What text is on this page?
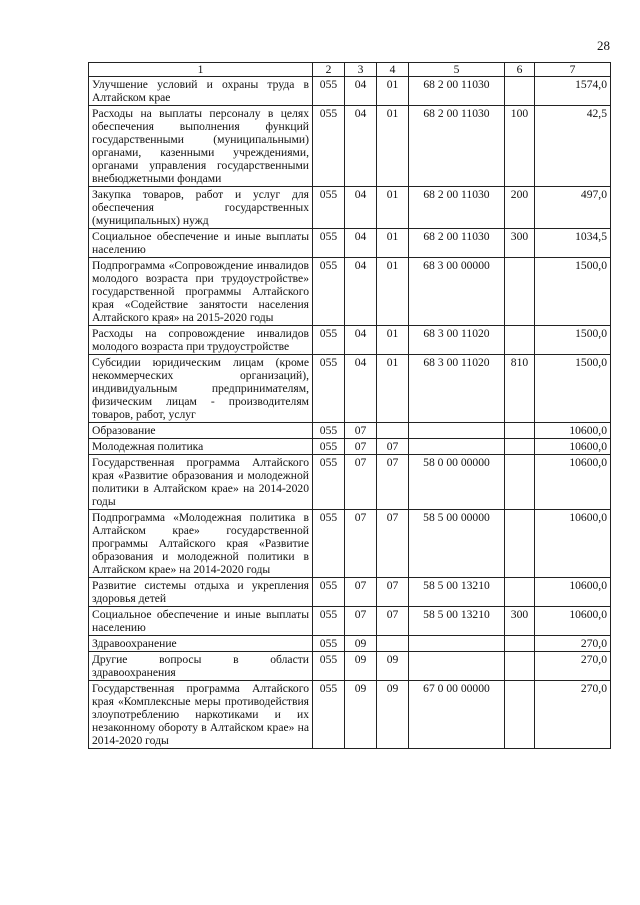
28
1	2	3	4	5	6	7
Улучшение условий и охраны труда в Алтайском крае	055	04	01	68 2 00 11030		1574,0
Расходы на выплаты персоналу в целях обеспечения выполнения функций государственными (муниципальными) органами, казенными учреждениями, органами управления государственными внебюджетными фондами	055	04	01	68 2 00 11030	100	42,5
Закупка товаров, работ и услуг для обеспечения государственных (муниципальных) нужд	055	04	01	68 2 00 11030	200	497,0
Социальное обеспечение и иные выплаты населению	055	04	01	68 2 00 11030	300	1034,5
Подпрограмма «Сопровождение инвалидов молодого возраста при трудоустройстве» государственной программы Алтайского края «Содействие занятости населения Алтайского края» на 2015-2020 годы	055	04	01	68 3 00 00000		1500,0
Расходы на сопровождение инвалидов молодого возраста при трудоустройстве	055	04	01	68 3 00 11020		1500,0
Субсидии юридическим лицам (кроме некоммерческих организаций), индивидуальным предпринимателям, физическим лицам - производителям товаров, работ, услуг	055	04	01	68 3 00 11020	810	1500,0
Образование	055	07				10600,0
Молодежная политика	055	07	07			10600,0
Государственная программа Алтайского края «Развитие образования и молодежной политики в Алтайском крае» на 2014-2020 годы	055	07	07	58 0 00 00000		10600,0
Подпрограмма «Молодежная политика в Алтайском крае» государственной программы Алтайского края «Развитие образования и молодежной политики в Алтайском крае» на 2014-2020 годы	055	07	07	58 5 00 00000		10600,0
Развитие системы отдыха и укрепления здоровья детей	055	07	07	58 5 00 13210		10600,0
Социальное обеспечение и иные выплаты населению	055	07	07	58 5 00 13210	300	10600,0
Здравоохранение	055	09				270,0
Другие вопросы в области здравоохранения	055	09	09			270,0
Государственная программа Алтайского края «Комплексные меры противодействия злоупотреблению наркотиками и их незаконному обороту в Алтайском крае» на 2014-2020 годы	055	09	09	67 0 00 00000		270,0
